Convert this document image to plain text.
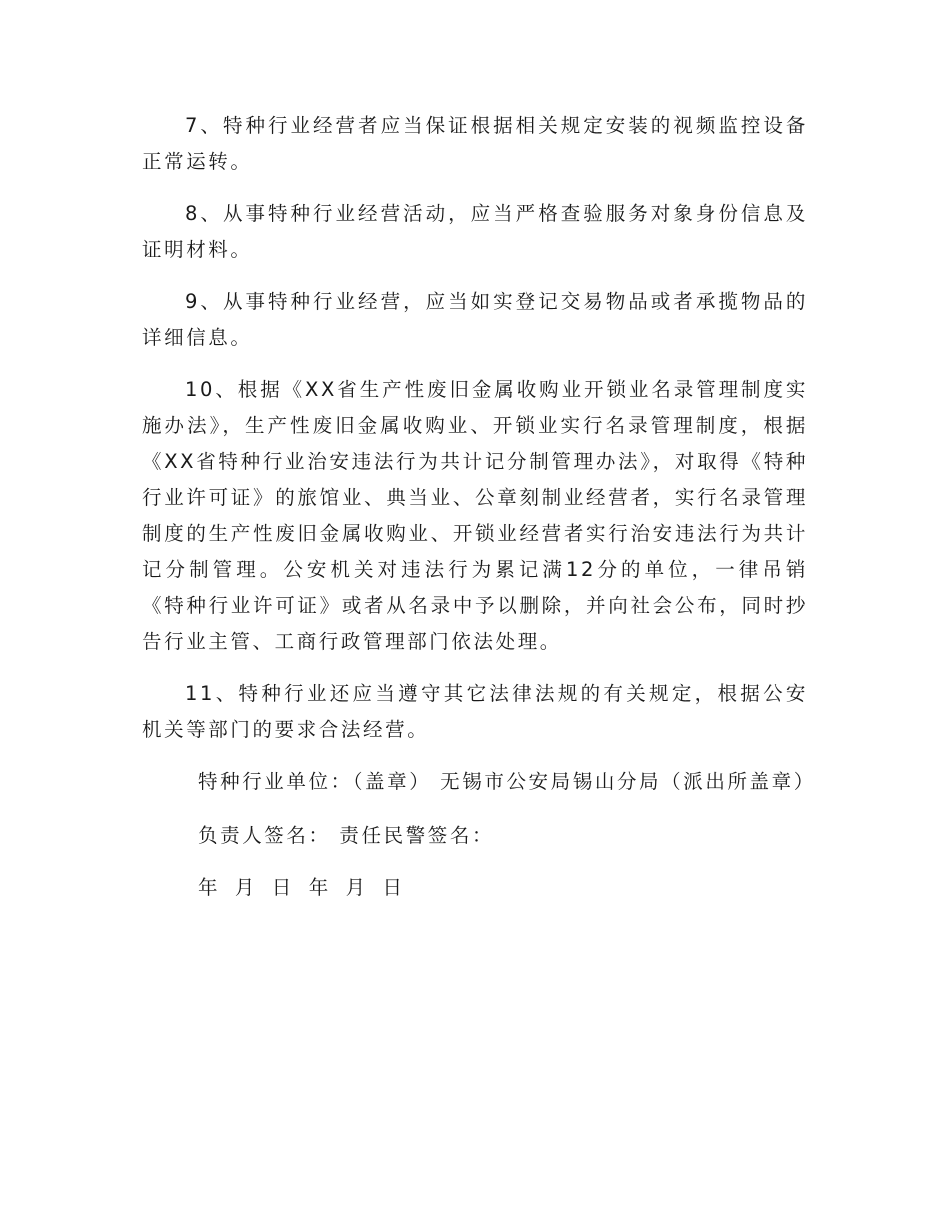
7、特种行业经营者应当保证根据相关规定安装的视频监控设备正常运转。

8、从事特种行业经营活动，应当严格查验服务对象身份信息及证明材料。

9、从事特种行业经营，应当如实登记交易物品或者承揽物品的详细信息。

10、根据《XX省生产性废旧金属收购业开锁业名录管理制度实施办法》，生产性废旧金属收购业、开锁业实行名录管理制度，根据《XX省特种行业治安违法行为共计记分制管理办法》，对取得《特种行业许可证》的旅馆业、典当业、公章刻制业经营者，实行名录管理制度的生产性废旧金属收购业、开锁业经营者实行治安违法行为共计记分制管理。公安机关对违法行为累记满12分的单位，一律吊销《特种行业许可证》或者从名录中予以删除，并向社会公布，同时抄告行业主管、工商行政管理部门依法处理。

11、特种行业还应当遵守其它法律法规的有关规定，根据公安机关等部门的要求合法经营。

特种行业单位：（盖章） 无锡市公安局锡山分局（派出所盖章）

负责人签名： 责任民警签名：

年 月 日 年 月 日
